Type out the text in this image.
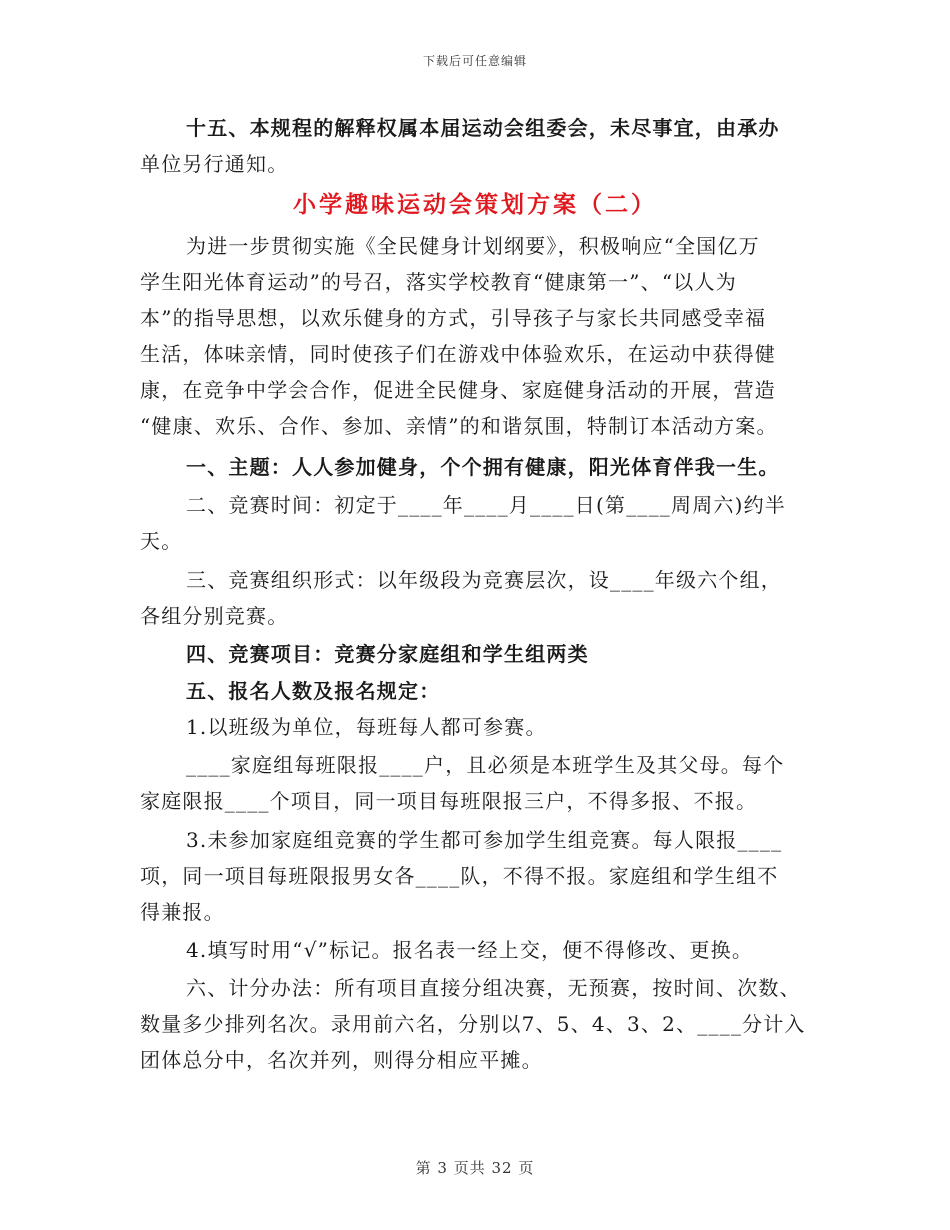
下载后可任意编辑
十五、本规程的解释权属本届运动会组委会，未尽事宜，由承办
单位另行通知。
小学趣味运动会策划方案（二）
为进一步贯彻实施《全民健身计划纲要》，积极响应“全国亿万
学生阳光体育运动”的号召，落实学校教育“健康第一”、“以人为
本”的指导思想，以欢乐健身的方式，引导孩子与家长共同感受幸福
生活，体味亲情，同时使孩子们在游戏中体验欢乐，在运动中获得健
康，在竞争中学会合作，促进全民健身、家庭健身活动的开展，营造
“健康、欢乐、合作、参加、亲情”的和谐氛围，特制订本活动方案。
一、主题：人人参加健身，个个拥有健康，阳光体育伴我一生。
二、竞赛时间：初定于____年____月____日(第____周周六)约半
天。
三、竞赛组织形式：以年级段为竞赛层次，设____年级六个组，
各组分别竞赛。
四、竞赛项目：竞赛分家庭组和学生组两类
五、报名人数及报名规定：
1.以班级为单位，每班每人都可参赛。
____家庭组每班限报____户，且必须是本班学生及其父母。每个
家庭限报____个项目，同一项目每班限报三户，不得多报、不报。
3.未参加家庭组竞赛的学生都可参加学生组竞赛。每人限报____
项，同一项目每班限报男女各____队，不得不报。家庭组和学生组不
得兼报。
4.填写时用“√”标记。报名表一经上交，便不得修改、更换。
六、计分办法：所有项目直接分组决赛，无预赛，按时间、次数、
数量多少排列名次。录用前六名，分别以7、5、4、3、2、____分计入
团体总分中，名次并列，则得分相应平摊。
第 3 页共 32 页
